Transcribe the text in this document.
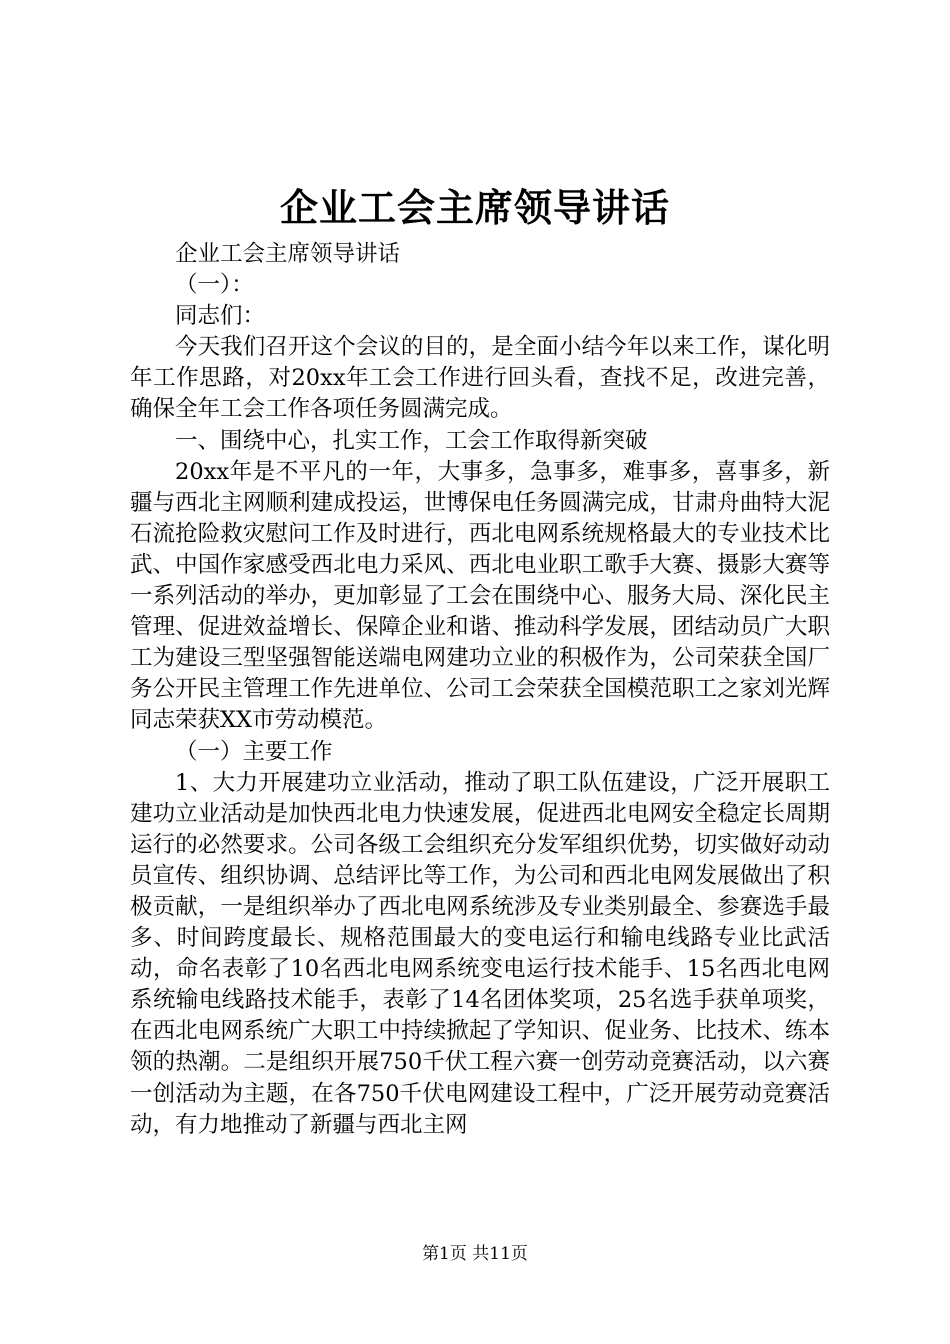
企业工会主席领导讲话

企业工会主席领导讲话

（一）：

同志们：

今天我们召开这个会议的目的，是全面小结今年以来工作，谋化明年工作思路，对20xx年工会工作进行回头看，查找不足，改进完善，确保全年工会工作各项任务圆满完成。

一、围绕中心，扎实工作，工会工作取得新突破

20xx年是不平凡的一年，大事多，急事多，难事多，喜事多，新疆与西北主网顺利建成投运，世博保电任务圆满完成，甘肃舟曲特大泥石流抢险救灾慰问工作及时进行，西北电网系统规格最大的专业技术比武、中国作家感受西北电力采风、西北电业职工歌手大赛、摄影大赛等一系列活动的举办，更加彰显了工会在围绕中心、服务大局、深化民主管理、促进效益增长、保障企业和谐、推动科学发展，团结动员广大职工为建设三型坚强智能送端电网建功立业的积极作为，公司荣获全国厂务公开民主管理工作先进单位、公司工会荣获全国模范职工之家刘光辉同志荣获XX市劳动模范。

（一）主要工作

1、大力开展建功立业活动，推动了职工队伍建设，广泛开展职工建功立业活动是加快西北电力快速发展，促进西北电网安全稳定长周期运行的必然要求。公司各级工会组织充分发军组织优势，切实做好动动员宣传、组织协调、总结评比等工作，为公司和西北电网发展做出了积极贡献，一是组织举办了西北电网系统涉及专业类别最全、参赛选手最多、时间跨度最长、规格范围最大的变电运行和输电线路专业比武活动，命名表彰了10名西北电网系统变电运行技术能手、15名西北电网系统输电线路技术能手，表彰了14名团体奖项，25名选手获单项奖，在西北电网系统广大职工中持续掀起了学知识、促业务、比技术、练本领的热潮。二是组织开展750千伏工程六赛一创劳动竞赛活动，以六赛一创活动为主题，在各750千伏电网建设工程中，广泛开展劳动竞赛活动，有力地推动了新疆与西北主网

第1页 共11页
